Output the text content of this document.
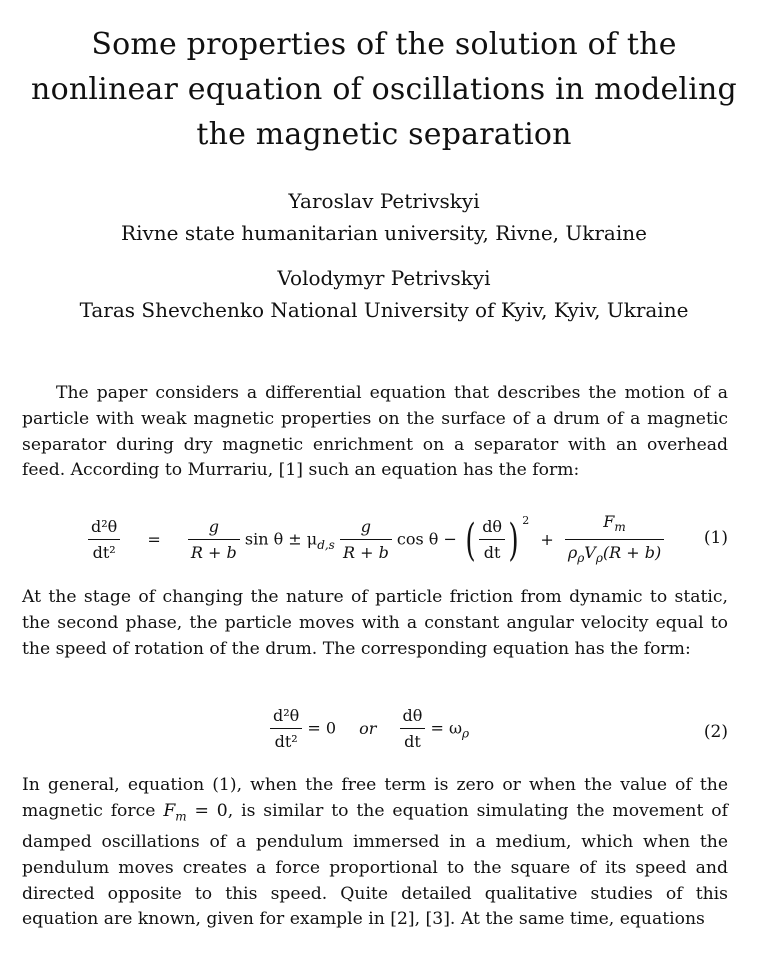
Some properties of the solution of the
nonlinear equation of oscillations in modeling
the magnetic separation
Yaroslav Petrivskyi
Rivne state humanitarian university, Rivne, Ukraine
Volodymyr Petrivskyi
Taras Shevchenko National University of Kyiv, Kyiv, Ukraine
The paper considers a differential equation that describes the motion of a particle with weak magnetic properties on the surface of a drum of a magnetic separator during dry magnetic enrichment on a separator with an overhead feed. According to Murrariu, [1] such an equation has the form:
$\frac{\text{d²θ}}{\text{dt²}} = \frac{g}{R + b}$ $\sin \theta \pm \mu_{d,s} \frac{g}{R + b}$ cos θ − ( $\frac{d\theta}{dt}$ ) $^2 + \frac{F_m}{\rho_\rho V_\rho(R + b)} (1)$
At the stage of changing the nature of particle friction from dynamic to static, the second phase, the particle moves with a constant angular velocity equal to the speed of rotation of the drum. The corresponding equation has the form:
$\frac{\text{d²θ}}{\text{dt²}} = 0$ or $\frac{d\theta}{dt} = \omega_\rho$	(2)
In general, equation (1), when the free term is zero or when the value of the magnetic force $F_m = 0$, is similar to the equation simulating the movement of damped oscillations of a pendulum immersed in a medium, which when the pendulum moves creates a force proportional to the square of its speed and directed opposite to this speed. Quite detailed qualitative studies of this equation are known, given for example in [2], [3]. At the same time, equations
